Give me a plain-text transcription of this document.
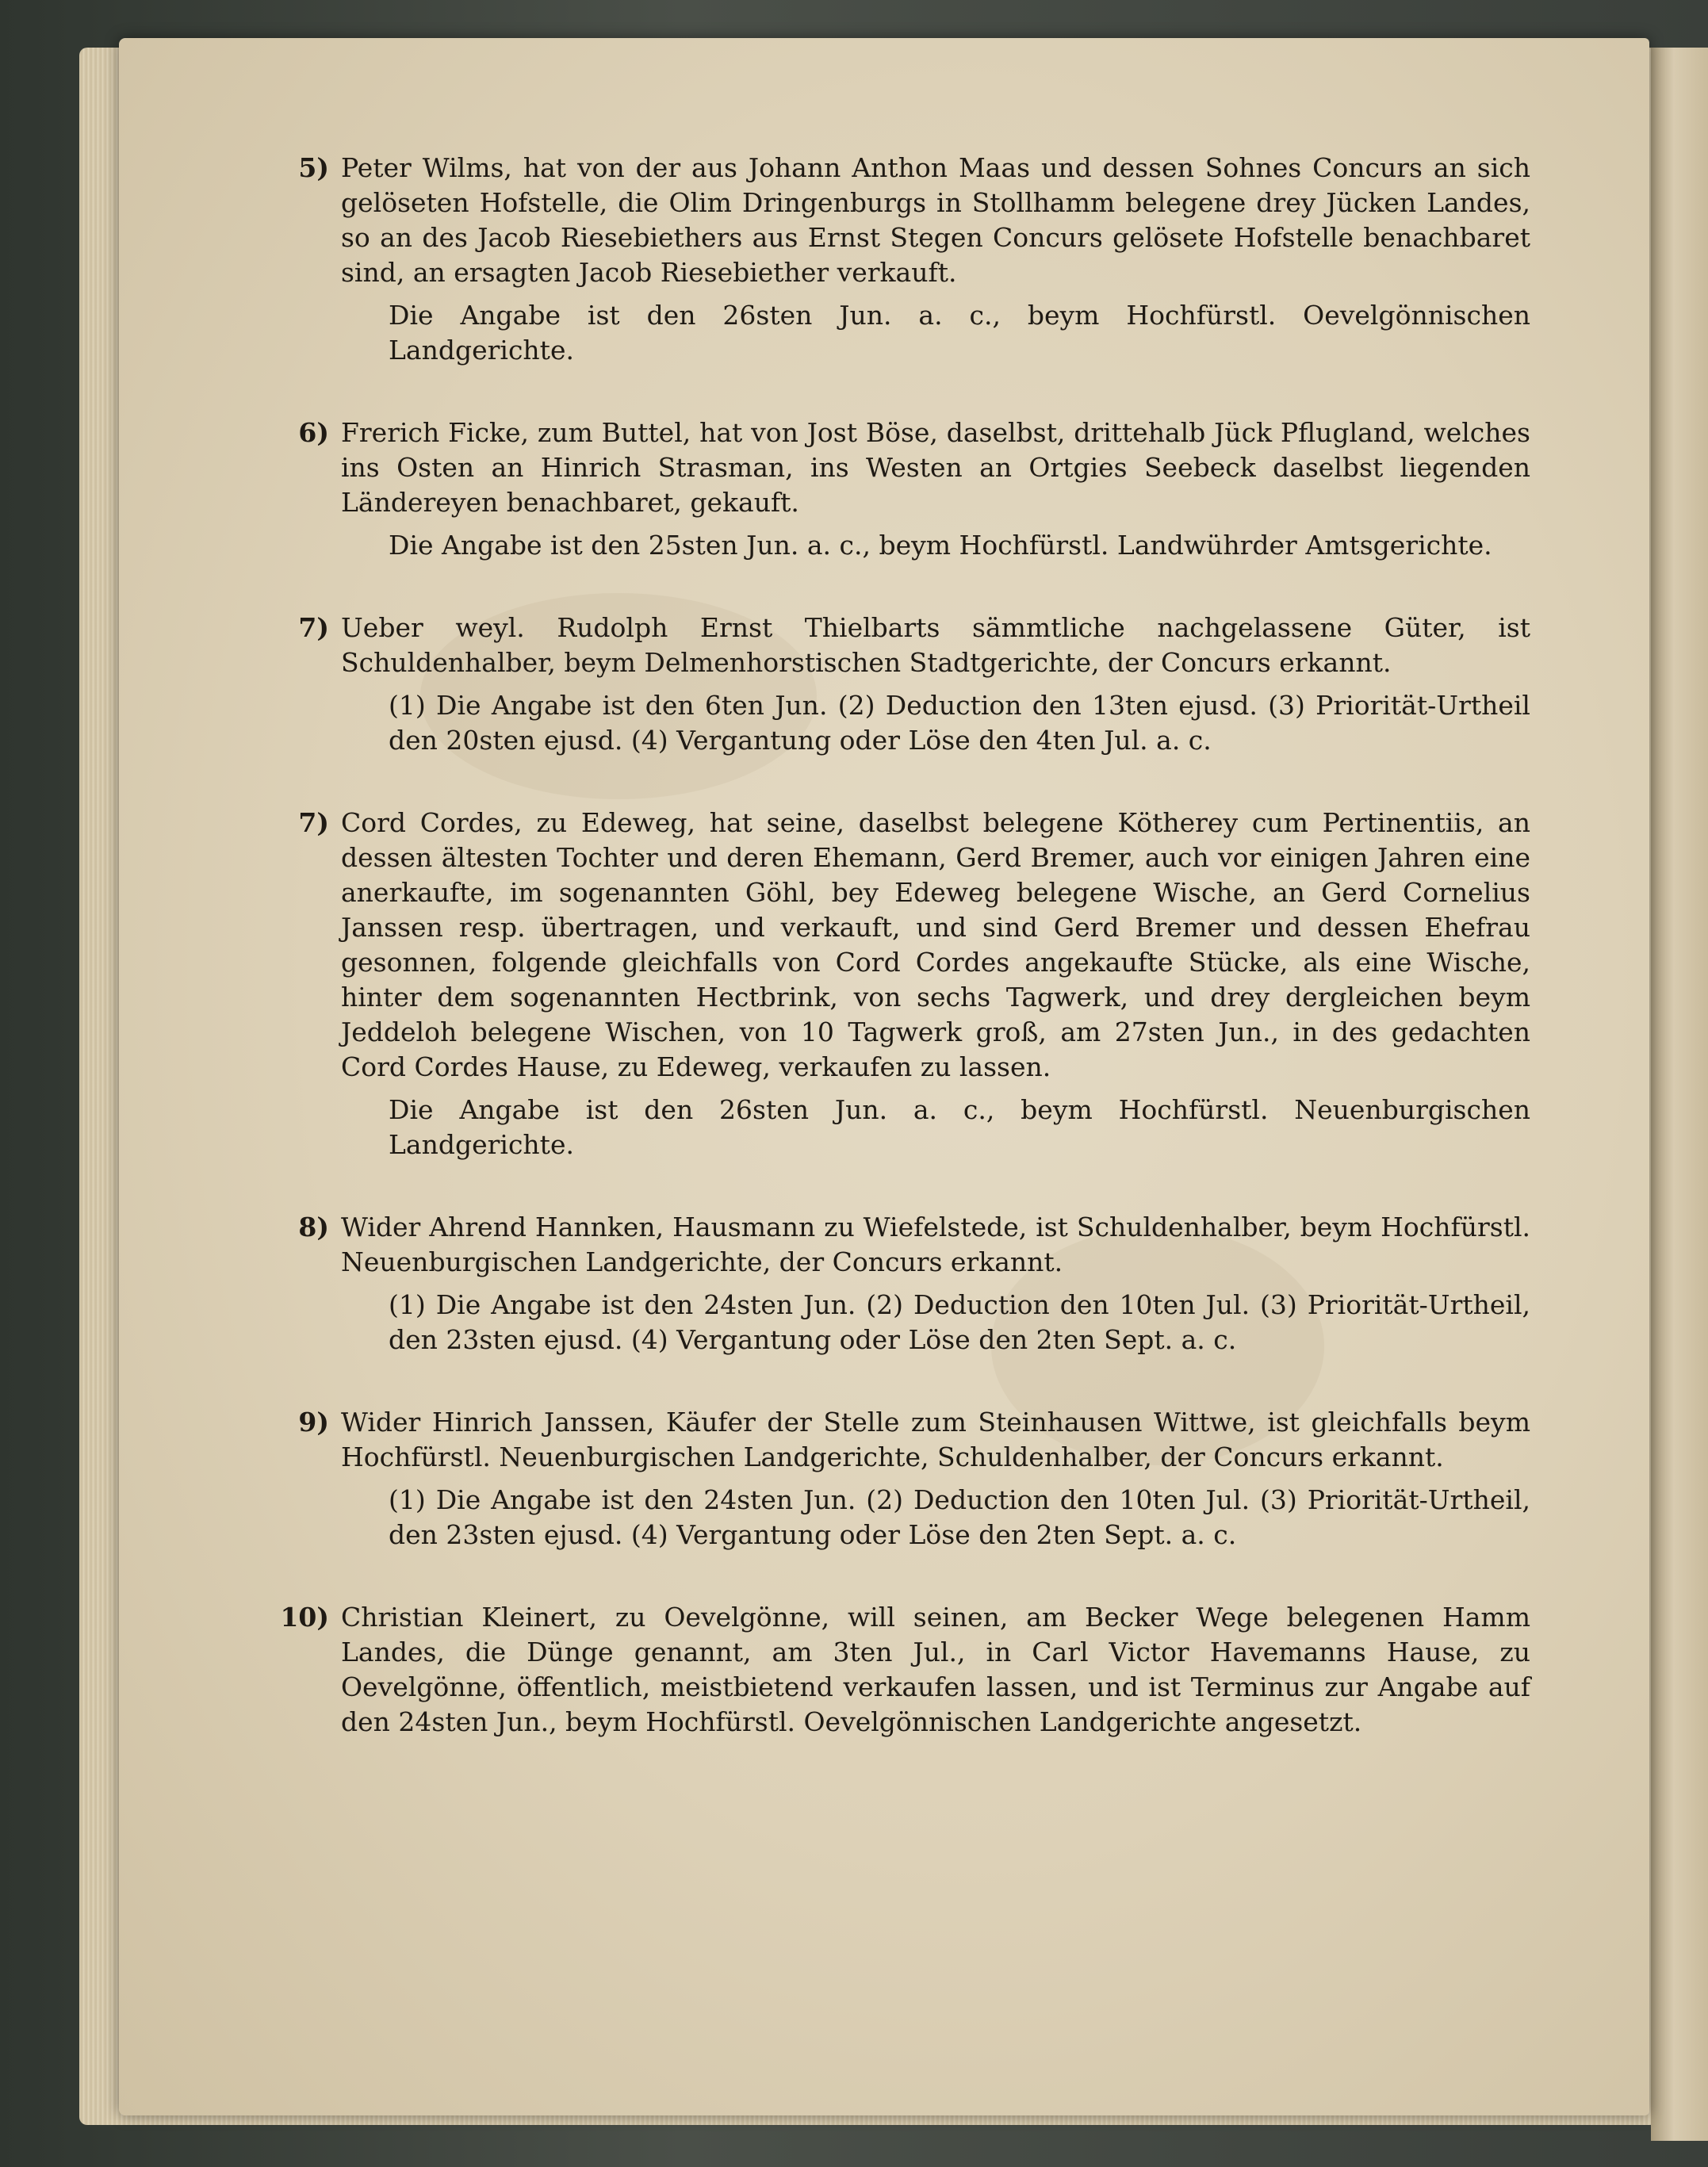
5) Peter Wilms, hat von der aus Johann Anthon Maas und dessen Sohnes Concurs an sich gelöseten Hofstelle, die Olim Dringenburgs in Stollhamm belegene drey Jücken Landes, so an des Jacob Riesebiethers aus Ernst Stegen Concurs gelösete Hofstelle benachbaret sind, an ersagten Jacob Riesebiether verkauft.

Die Angabe ist den 26sten Jun. a. c., beym Hochfürstl. Oevelgönnischen Landgerichte.

6) Frerich Ficke, zum Buttel, hat von Jost Böse, daselbst, drittehalb Jück Pflugland, welches ins Osten an Hinrich Strasman, ins Westen an Ortgies Seebeck daselbst liegenden Ländereyen benachbaret, gekauft.

Die Angabe ist den 25sten Jun. a. c., beym Hochfürstl. Landwührder Amtsgerichte.

7) Ueber weyl. Rudolph Ernst Thielbarts sämmtliche nachgelassene Güter, ist Schuldenhalber, beym Delmenhorstischen Stadtgerichte, der Concurs erkannt.

(1) Die Angabe ist den 6ten Jun. (2) Deduction den 13ten ejusd. (3) Priorität-Urtheil den 20sten ejusd. (4) Vergantung oder Löse den 4ten Jul. a. c.

7) Cord Cordes, zu Edeweg, hat seine, daselbst belegene Kötherey cum Pertinentiis, an dessen ältesten Tochter und deren Ehemann, Gerd Bremer, auch vor einigen Jahren eine anerkaufte, im sogenannten Göhl, bey Edeweg belegene Wische, an Gerd Cornelius Janssen resp. übertragen, und verkauft, und sind Gerd Bremer und dessen Ehefrau gesonnen, folgende gleichfalls von Cord Cordes angekaufte Stücke, als eine Wische, hinter dem sogenannten Hectbrink, von sechs Tagwerk, und drey dergleichen beym Jeddeloh belegene Wischen, von 10 Tagwerk groß, am 27sten Jun., in des gedachten Cord Cordes Hause, zu Edeweg, verkaufen zu lassen.

Die Angabe ist den 26sten Jun. a. c., beym Hochfürstl. Neuenburgischen Landgerichte.

8) Wider Ahrend Hannken, Hausmann zu Wiefelstede, ist Schuldenhalber, beym Hochfürstl. Neuenburgischen Landgerichte, der Concurs erkannt.

(1) Die Angabe ist den 24sten Jun. (2) Deduction den 10ten Jul. (3) Priorität-Urtheil, den 23sten ejusd. (4) Vergantung oder Löse den 2ten Sept. a. c.

9) Wider Hinrich Janssen, Käufer der Stelle zum Steinhausen Wittwe, ist gleichfalls beym Hochfürstl. Neuenburgischen Landgerichte, Schuldenhalber, der Concurs erkannt.

(1) Die Angabe ist den 24sten Jun. (2) Deduction den 10ten Jul. (3) Priorität-Urtheil, den 23sten ejusd. (4) Vergantung oder Löse den 2ten Sept. a. c.

10) Christian Kleinert, zu Oevelgönne, will seinen, am Becker Wege belegenen Hamm Landes, die Dünge genannt, am 3ten Jul., in Carl Victor Havemanns Hause, zu Oevelgönne, öffentlich, meistbietend verkaufen lassen, und ist Terminus zur Angabe auf den 24sten Jun., beym Hochfürstl. Oevelgönnischen Landgerichte angesetzt.
